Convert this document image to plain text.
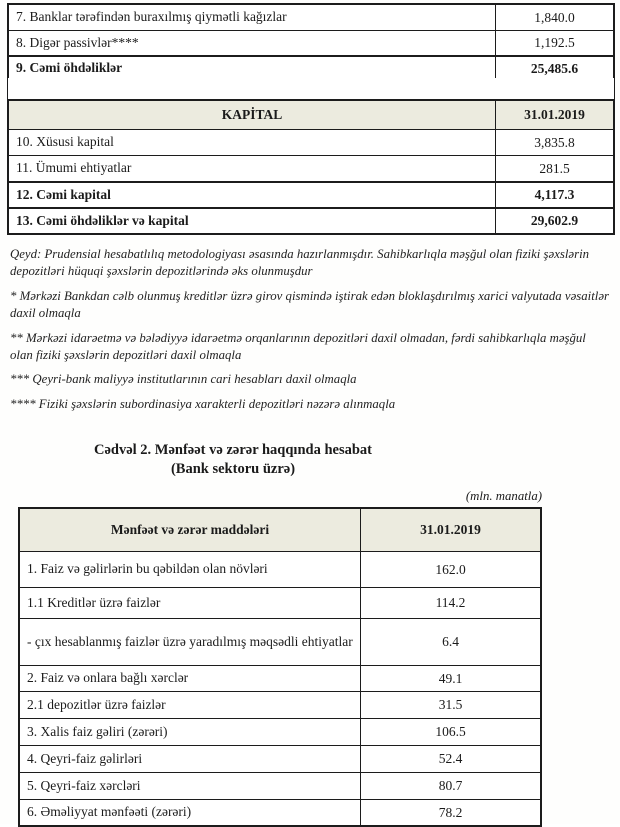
7. Banklar tərəfindən buraxılmış qiymətli kağızlar	1,840.0
8. Digər passivlər****	1,192.5
9. Cəmi öhdəliklər	25,485.6
KAPİTAL	31.01.2019
10. Xüsusi kapital	3,835.8
11. Ümumi ehtiyatlar	281.5
12. Cəmi kapital	4,117.3
13. Cəmi öhdəliklər və kapital	29,602.9
Qeyd: Prudensial hesabatlılıq metodologiyası əsasında hazırlanmışdır. Sahibkarlıqla məşğul olan fiziki şəxslərin depozitləri hüquqi şəxslərin depozitlərində əks olunmuşdur
* Mərkəzi Bankdan cəlb olunmuş kreditlər üzrə girov qismində iştirak edən bloklaşdırılmış xarici valyutada vəsaitlər daxil olmaqla
** Mərkəzi idarəetmə və bələdiyyə idarəetmə orqanlarının depozitləri daxil olmadan, fərdi sahibkarlıqla məşğul olan fiziki şəxslərin depozitləri daxil olmaqla
*** Qeyri-bank maliyyə institutlarının cari hesabları daxil olmaqla
**** Fiziki şəxslərin subordinasiya xarakterli depozitləri nəzərə alınmaqla
Cədvəl 2. Mənfəət və zərər haqqında hesabat
(Bank sektoru üzrə)
(mln. manatla)
Mənfəət və zərər maddələri	31.01.2019
1. Faiz və gəlirlərin bu qəbildən olan növləri	162.0
1.1 Kreditlər üzrə faizlər	114.2
- çıx hesablanmış faizlər üzrə yaradılmış məqsədli ehtiyatlar	6.4
2. Faiz və onlara bağlı xərclər	49.1
2.1 depozitlər üzrə faizlər	31.5
3. Xalis faiz gəliri (zərəri)	106.5
4. Qeyri-faiz gəlirləri	52.4
5. Qeyri-faiz xərcləri	80.7
6. Əməliyyat mənfəəti (zərəri)	78.2
